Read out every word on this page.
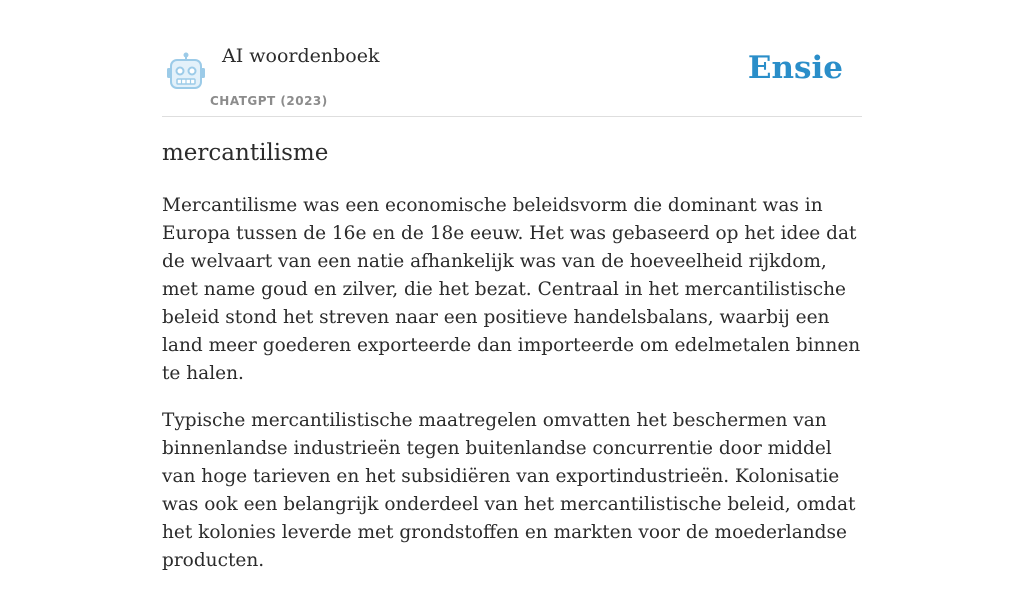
AI woordenboek
CHATGPT (2023)
Ensie
mercantilisme

Mercantilisme was een economische beleidsvorm die dominant was in Europa tussen de 16e en de 18e eeuw. Het was gebaseerd op het idee dat de welvaart van een natie afhankelijk was van de hoeveelheid rijkdom, met name goud en zilver, die het bezat. Centraal in het mercantilistische beleid stond het streven naar een positieve handelsbalans, waarbij een land meer goederen exporteerde dan importeerde om edelmetalen binnen te halen.

Typische mercantilistische maatregelen omvatten het beschermen van binnenlandse industrieën tegen buitenlandse concurrentie door middel van hoge tarieven en het subsidiëren van exportindustrieën. Kolonisatie was ook een belangrijk onderdeel van het mercantilistische beleid, omdat het kolonies leverde met grondstoffen en markten voor de moederlandse producten.
